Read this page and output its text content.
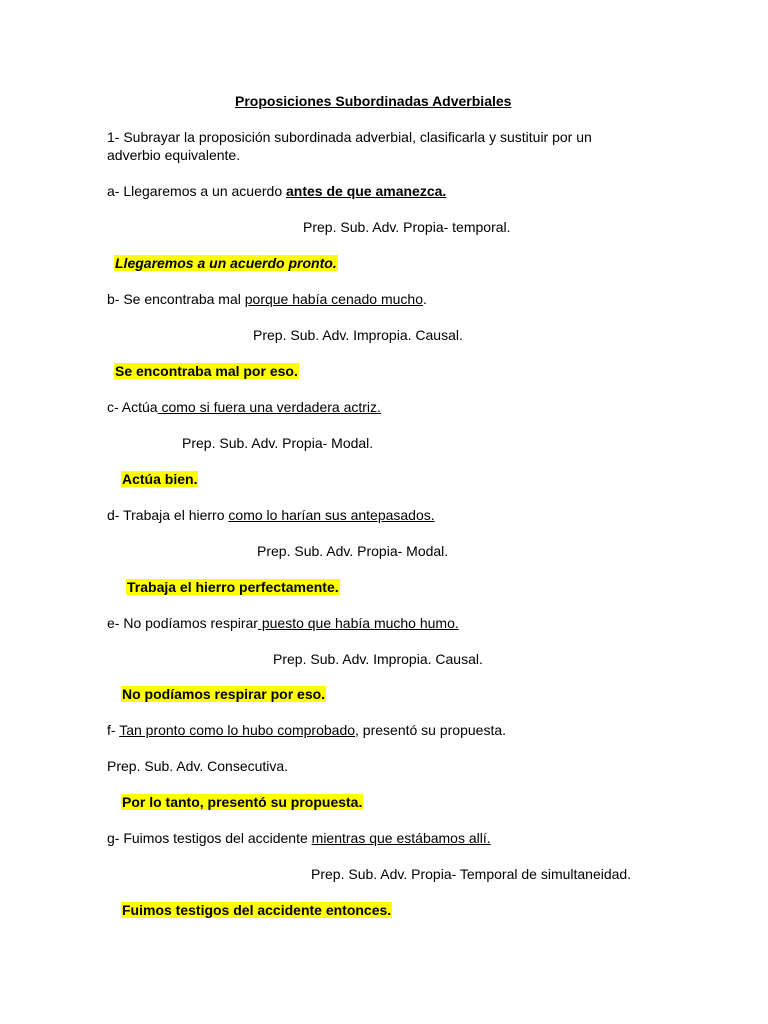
Proposiciones Subordinadas Adverbiales
1- Subrayar la proposición subordinada adverbial, clasificarla y sustituir por un
adverbio equivalente.
a- Llegaremos a un acuerdo antes de que amanezca.
Prep. Sub. Adv. Propia- temporal.
Llegaremos a un acuerdo pronto.
b- Se encontraba mal porque había cenado mucho.
Prep. Sub. Adv. Impropia. Causal.
Se encontraba mal por eso.
c- Actúa como si fuera una verdadera actriz.
Prep. Sub. Adv. Propia- Modal.
Actúa bien.
d- Trabaja el hierro como lo harían sus antepasados.
Prep. Sub. Adv. Propia- Modal.
Trabaja el hierro perfectamente.
e- No podíamos respirar puesto que había mucho humo.
Prep. Sub. Adv. Impropia. Causal.
No podíamos respirar por eso.
f- Tan pronto como lo hubo comprobado, presentó su propuesta.
Prep. Sub. Adv. Consecutiva.
Por lo tanto, presentó su propuesta.
g- Fuimos testigos del accidente mientras que estábamos allí.
Prep. Sub. Adv. Propia- Temporal de simultaneidad.
Fuimos testigos del accidente entonces.
